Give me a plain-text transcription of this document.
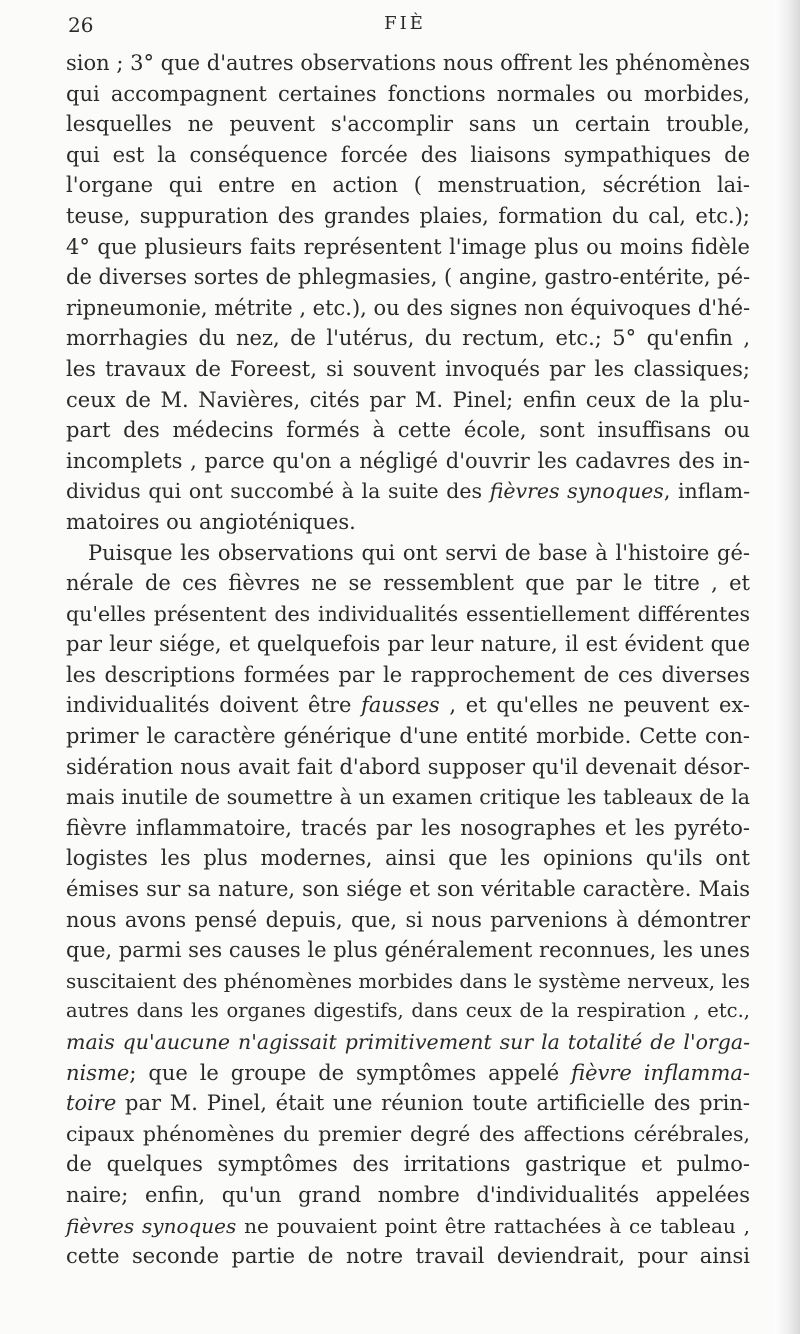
26	FIÈ
sion ; 3° que d'autres observations nous offrent les phénomènes
qui accompagnent certaines fonctions normales ou morbides,
lesquelles ne peuvent s'accomplir sans un certain trouble,
qui est la conséquence forcée des liaisons sympathiques de
l'organe qui entre en action ( menstruation, sécrétion lai-
teuse, suppuration des grandes plaies, formation du cal, etc.);
4° que plusieurs faits représentent l'image plus ou moins fidèle
de diverses sortes de phlegmasies, ( angine, gastro-entérite, pé-
ripneumonie, métrite , etc.), ou des signes non équivoques d'hé-
morrhagies du nez, de l'utérus, du rectum, etc.; 5° qu'enfin ,
les travaux de Foreest, si souvent invoqués par les classiques;
ceux de M. Navières, cités par M. Pinel; enfin ceux de la plu-
part des médecins formés à cette école, sont insuffisans ou
incomplets , parce qu'on a négligé d'ouvrir les cadavres des in-
dividus qui ont succombé à la suite des fièvres synoques, inflam-
matoires ou angioténiques.
Puisque les observations qui ont servi de base à l'histoire gé-
nérale de ces fièvres ne se ressemblent que par le titre , et
qu'elles présentent des individualités essentiellement différentes
par leur siége, et quelquefois par leur nature, il est évident que
les descriptions formées par le rapprochement de ces diverses
individualités doivent être fausses , et qu'elles ne peuvent ex-
primer le caractère générique d'une entité morbide. Cette con-
sidération nous avait fait d'abord supposer qu'il devenait désor-
mais inutile de soumettre à un examen critique les tableaux de la
fièvre inflammatoire, tracés par les nosographes et les pyréto-
logistes les plus modernes, ainsi que les opinions qu'ils ont
émises sur sa nature, son siége et son véritable caractère. Mais
nous avons pensé depuis, que, si nous parvenions à démontrer
que, parmi ses causes le plus généralement reconnues, les unes
suscitaient des phénomènes morbides dans le système nerveux, les
autres dans les organes digestifs, dans ceux de la respiration , etc.,
mais qu'aucune n'agissait primitivement sur la totalité de l'orga-
nisme; que le groupe de symptômes appelé fièvre inflamma-
toire par M. Pinel, était une réunion toute artificielle des prin-
cipaux phénomènes du premier degré des affections cérébrales,
de quelques symptômes des irritations gastrique et pulmo-
naire; enfin, qu'un grand nombre d'individualités appelées
fièvres synoques ne pouvaient point être rattachées à ce tableau ,
cette seconde partie de notre travail deviendrait, pour ainsi
